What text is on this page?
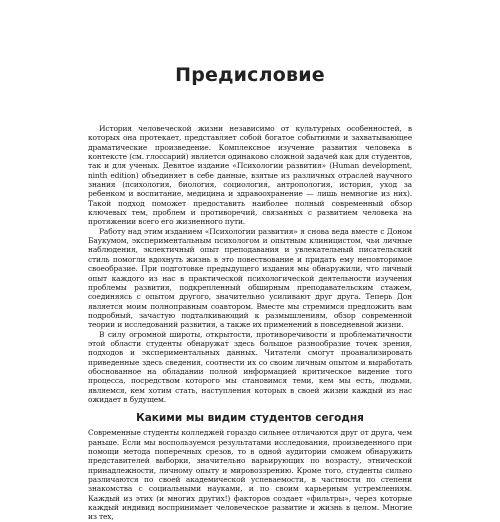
Предисловие

История человеческой жизни независимо от культурных особенностей, в которых она протекает, представляет собой богатое событиями и захватывающее драматические произведение. Комплексное изучение развития человека в контексте (см. глоссарий) является одинаково сложной задачей как для студентов, так и для ученых. Девятое издание «Психологии развития» (Human development, ninth edition) объединяет в себе данные, взятые из различных отраслей научного знания (психология, биология, социология, антропология, история, уход за ребенком и воспитание, медицина и здравоохранение — лишь немногие из них). Такой подход поможет предоставить наиболее полный современный обзор ключевых тем, проблем и противоречий, связанных с развитием человека на протяжении всего его жизненного пути.

Работу над этим изданием «Психологии развития» я снова веда вместе с Доном Баукумом, экспериментальным психологом и опытным клиницистом, чьи личные наблюдения, эклектичный опыт преподавания и увлекательный писательский стиль помогли вдохнуть жизнь в это повествование и придать ему неповторимое своеобразие. При подготовке предыдущего издания мы обнаружили, что личный опыт каждого из нас в практической психологической деятельности изучения проблемы развития, подкрепленный обширным преподавательским стажем, соединяясь с опытом другого, значительно усиливают друг друга. Теперь Дон является моим полноправным соавтором. Вместе мы стремимся предложить вам подробный, зачастую подталкивающий к размышлениям, обзор современной теории и исследований развития, а также их применений в повседневной жизни.

В силу огромной широты, открытости, противоречивости и проблематичности этой области студенты обнаружат здесь большое разнообразие точек зрения, подходов и экспериментальных данных. Читатели смогут проанализировать приведенные здесь сведения, соотнести их со своим личным опытом и выработать обоснованное на обладании полной информацией критическое видение того процесса, посредством которого мы становимся теми, кем мы есть, людьми, являемся, кем хотим стать, наступления которых в своей жизни каждый из нас ожидает в будущем.

Какими мы видим студентов сегодня

Современные студенты колледжей гораздо сильнее отличаются друг от друга, чем раньше. Если мы воспользуемся результатами исследования, произведенного при помощи метода поперечных срезов, то в одной аудитории сможем обнаружить представителей выборки, значительно варьирующих по возрасту, этнической принадлежности, личному опыту и мировоззрению. Кроме того, студенты сильно различаются по своей академической успеваемости, в частности по степени знакомства с социальными науками, и по своим карьерным устремлениям. Каждый из этих (и многих других!) факторов создает «фильтры», через которые каждый индивид воспринимает человеческое развитие и жизнь в целом. Многие из тех,
